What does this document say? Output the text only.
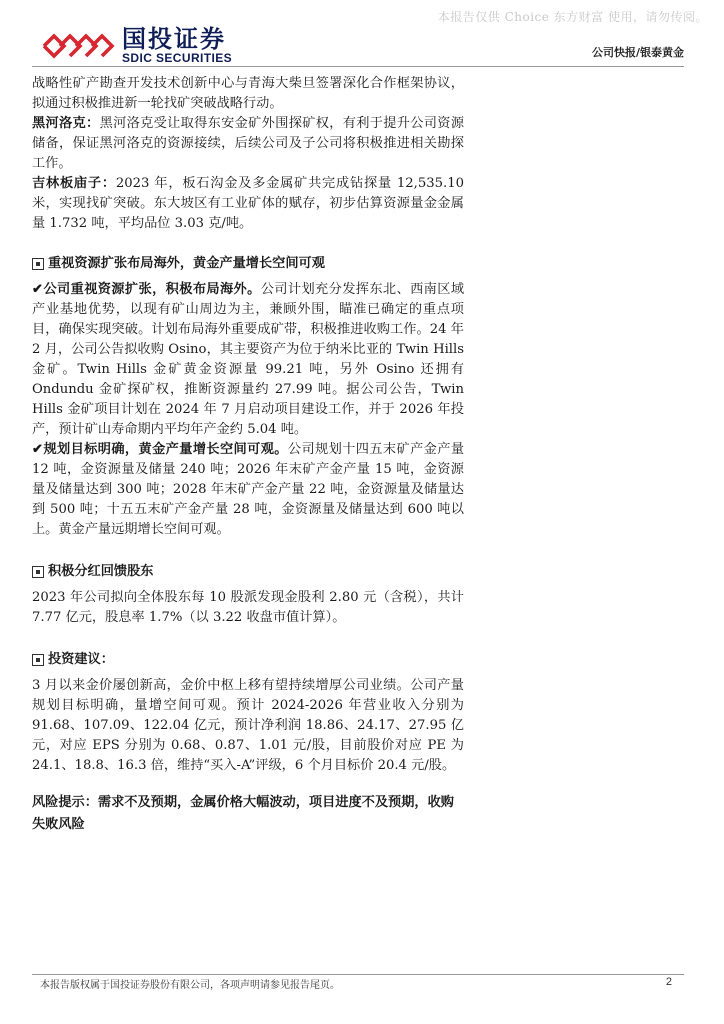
本报告仅供 Choice 东方财富 使用，请勿传阅。
国投证券
SDIC SECURITIES	公司快报/银泰黄金

战略性矿产勘查开发技术创新中心与青海大柴旦签署深化合作框架协议，拟通过积极推进新一轮找矿突破战略行动。

黑河洛克：黑河洛克受让取得东安金矿外围探矿权，有利于提升公司资源储备，保证黑河洛克的资源接续，后续公司及子公司将积极推进相关勘探工作。

吉林板庙子：2023 年，板石沟金及多金属矿共完成钻探量 12,535.10 米，实现找矿突破。东大坡区有工业矿体的赋存，初步估算资源量金金属量 1.732 吨，平均品位 3.03 克/吨。

重视资源扩张布局海外，黄金产量增长空间可观

✔公司重视资源扩张，积极布局海外。公司计划充分发挥东北、西南区域产业基地优势，以现有矿山周边为主，兼顾外围，瞄准已确定的重点项目，确保实现突破。计划布局海外重要成矿带，积极推进收购工作。24 年 2 月，公司公告拟收购 Osino，其主要资产为位于纳米比亚的 Twin Hills 金矿。Twin Hills 金矿黄金资源量 99.21 吨，另外 Osino 还拥有 Ondundu 金矿探矿权，推断资源量约 27.99 吨。据公司公告，Twin Hills 金矿项目计划在 2024 年 7 月启动项目建设工作，并于 2026 年投产，预计矿山寿命期内平均年产金约 5.04 吨。

✔规划目标明确，黄金产量增长空间可观。公司规划十四五末矿产金产量 12 吨，金资源量及储量 240 吨；2026 年末矿产金产量 15 吨，金资源量及储量达到 300 吨；2028 年末矿产金产量 22 吨，金资源量及储量达到 500 吨；十五五末矿产金产量 28 吨，金资源量及储量达到 600 吨以上。黄金产量远期增长空间可观。

积极分红回馈股东

2023 年公司拟向全体股东每 10 股派发现金股利 2.80 元（含税），共计 7.77 亿元，股息率 1.7%（以 3.22 收盘市值计算）。

投资建议：

3 月以来金价屡创新高，金价中枢上移有望持续增厚公司业绩。公司产量规划目标明确，量增空间可观。预计 2024-2026 年营业收入分别为 91.68、107.09、122.04 亿元，预计净利润 18.86、24.17、27.95 亿元，对应 EPS 分别为 0.68、0.87、1.01 元/股，目前股价对应 PE 为 24.1、18.8、16.3 倍，维持“买入-A”评级，6 个月目标价 20.4 元/股。

风险提示：需求不及预期，金属价格大幅波动，项目进度不及预期，收购失败风险
本报告版权属于国投证券股份有限公司，各项声明请参见报告尾页。	2
